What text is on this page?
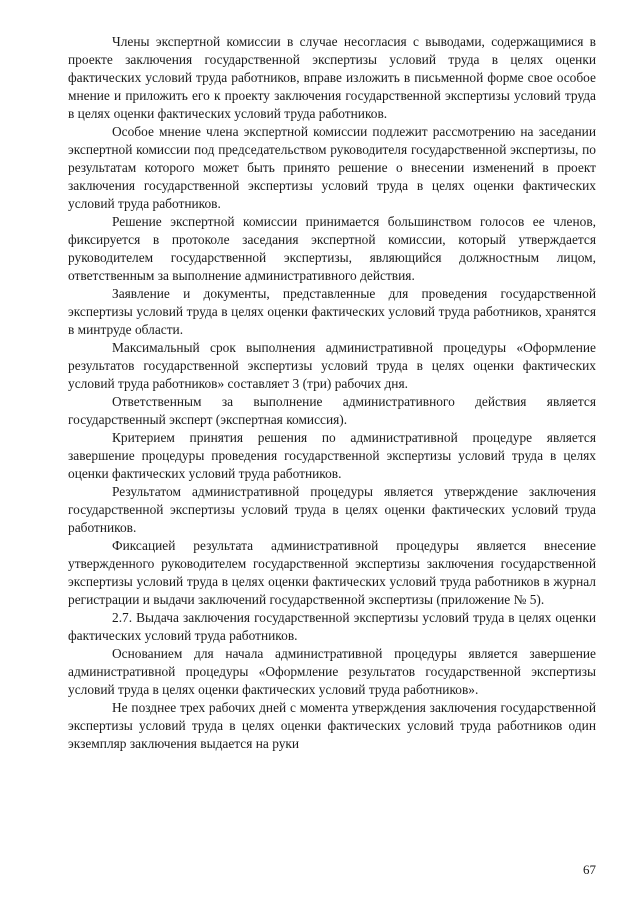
Члены экспертной комиссии в случае несогласия с выводами, содержащимися в проекте заключения государственной экспертизы условий труда в целях оценки фактических условий труда работников, вправе изложить в письменной форме свое особое мнение и приложить его к проекту заключения государственной экспертизы условий труда в целях оценки фактических условий труда работников.

Особое мнение члена экспертной комиссии подлежит рассмотрению на заседании экспертной комиссии под председательством руководителя государственной экспертизы, по результатам которого может быть принято решение о внесении изменений в проект заключения государственной экспертизы условий труда в целях оценки фактических условий труда работников.

Решение экспертной комиссии принимается большинством голосов ее членов, фиксируется в протоколе заседания экспертной комиссии, который утверждается руководителем государственной экспертизы, являющийся должностным лицом, ответственным за выполнение административного действия.

Заявление и документы, представленные для проведения государственной экспертизы условий труда в целях оценки фактических условий труда работников, хранятся в минтруде области.

Максимальный срок выполнения административной процедуры «Оформление результатов государственной экспертизы условий труда в целях оценки фактических условий труда работников» составляет 3 (три) рабочих дня.

Ответственным за выполнение административного действия является государственный эксперт (экспертная комиссия).

Критерием принятия решения по административной процедуре является завершение процедуры проведения государственной экспертизы условий труда в целях оценки фактических условий труда работников.

Результатом административной процедуры является утверждение заключения государственной экспертизы условий труда в целях оценки фактических условий труда работников.

Фиксацией результата административной процедуры является внесение утвержденного руководителем государственной экспертизы заключения государственной экспертизы условий труда в целях оценки фактических условий труда работников в журнал регистрации и выдачи заключений государственной экспертизы (приложение № 5).

2.7. Выдача заключения государственной экспертизы условий труда в целях оценки фактических условий труда работников.

Основанием для начала административной процедуры является завершение административной процедуры «Оформление результатов государственной экспертизы условий труда в целях оценки фактических условий труда работников».

Не позднее трех рабочих дней с момента утверждения заключения государственной экспертизы условий труда в целях оценки фактических условий труда работников один экземпляр заключения выдается на руки

67
